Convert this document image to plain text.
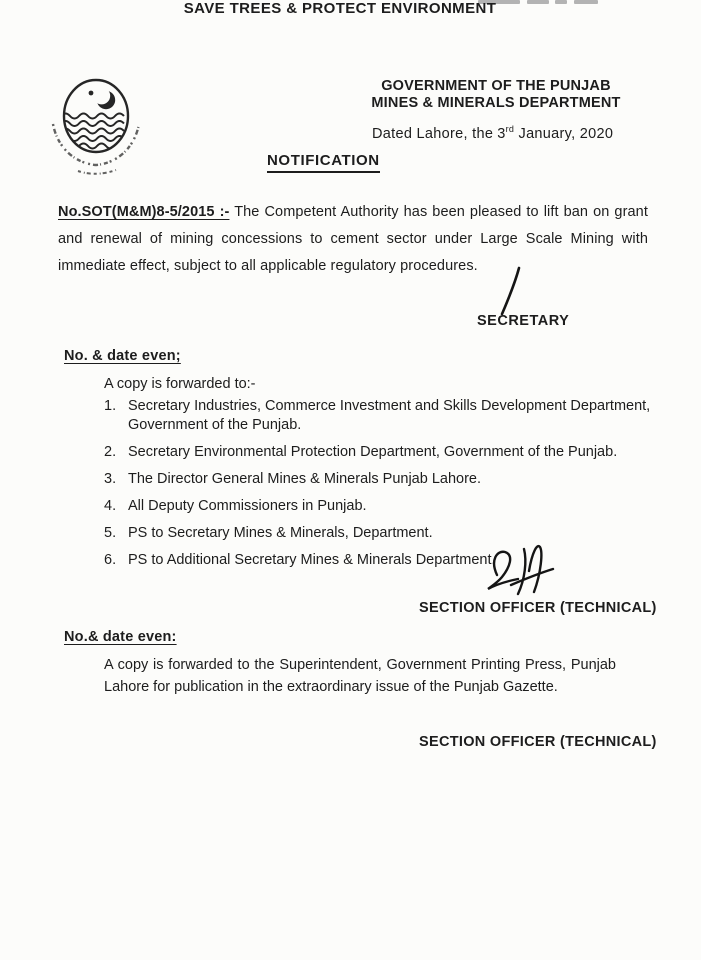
SAVE TREES & PROTECT ENVIRONMENT
GOVERNMENT OF THE PUNJAB
MINES & MINERALS DEPARTMENT
Dated Lahore, the 3rd January, 2020
NOTIFICATION

No.SOT(M&M)8-5/2015 :- The Competent Authority has been pleased to lift ban on grant and renewal of mining concessions to cement sector under Large Scale Mining with immediate effect, subject to all applicable regulatory procedures.

SECRETARY
No. & date even;
A copy is forwarded to:-
1. Secretary Industries, Commerce Investment and Skills Development Department, Government of the Punjab.
2. Secretary Environmental Protection Department, Government of the Punjab.
3. The Director General Mines & Minerals Punjab Lahore.
4. All Deputy Commissioners in Punjab.
5. PS to Secretary Mines & Minerals, Department.
6. PS to Additional Secretary Mines & Minerals Department.
SECTION OFFICER (TECHNICAL)
No.& date even:

A copy is forwarded to the Superintendent, Government Printing Press, Punjab Lahore for publication in the extraordinary issue of the Punjab Gazette.

SECTION OFFICER (TECHNICAL)
